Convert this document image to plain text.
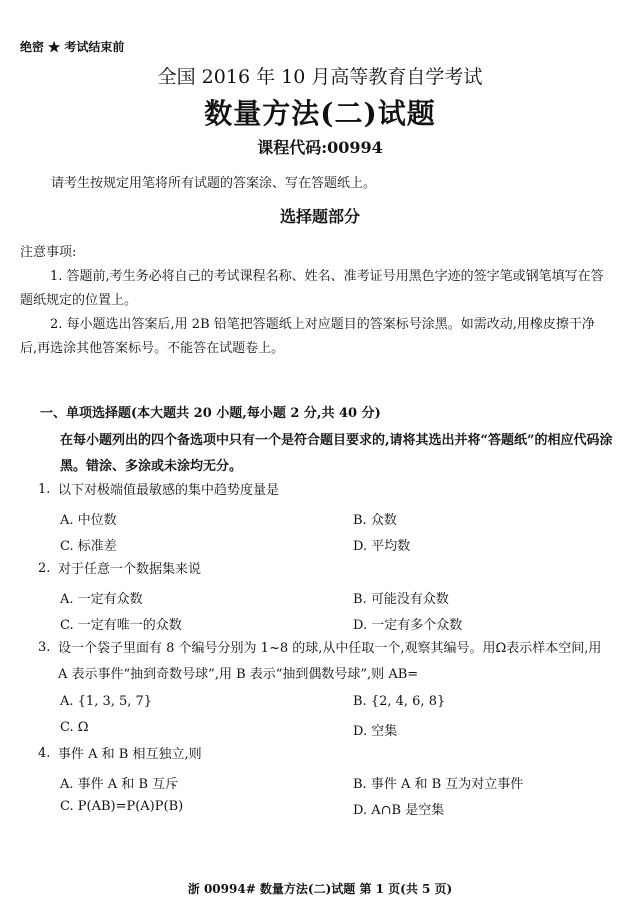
绝密 ★ 考试结束前
全国 2016 年 10 月高等教育自学考试
数量方法(二)试题
课程代码:00994
请考生按规定用笔将所有试题的答案涂、写在答题纸上。
选择题部分
注意事项:

1. 答题前,考生务必将自己的考试课程名称、姓名、准考证号用黑色字迹的签字笔或钢笔填写在答题纸规定的位置上。

2. 每小题选出答案后,用 2B 铅笔把答题纸上对应题目的答案标号涂黑。如需改动,用橡皮擦干净后,再选涂其他答案标号。不能答在试题卷上。

一、单项选择题(本大题共 20 小题,每小题 2 分,共 40 分)
在每小题列出的四个备选项中只有一个是符合题目要求的,请将其选出并将“答题纸”的相应代码涂黑。错涂、多涂或未涂均无分。
1. 以下对极端值最敏感的集中趋势度量是
A. 中位数	B. 众数
C. 标准差	D. 平均数
2. 对于任意一个数据集来说
A. 一定有众数	B. 可能没有众数
C. 一定有唯一的众数	D. 一定有多个众数
3. 设一个袋子里面有 8 个编号分别为 1~8 的球,从中任取一个,观察其编号。用Ω表示样本空间,用 A 表示事件“抽到奇数号球”,用 B 表示“抽到偶数号球”,则 AB=
A. {1, 3, 5, 7}	B. {2, 4, 6, 8}
C. Ω	D. 空集
4. 事件 A 和 B 相互独立,则
A. 事件 A 和 B 互斥	B. 事件 A 和 B 互为对立事件
C. P(AB)=P(A)P(B)	D. A∩B 是空集
浙 00994# 数量方法(二)试题 第 1 页(共 5 页)
